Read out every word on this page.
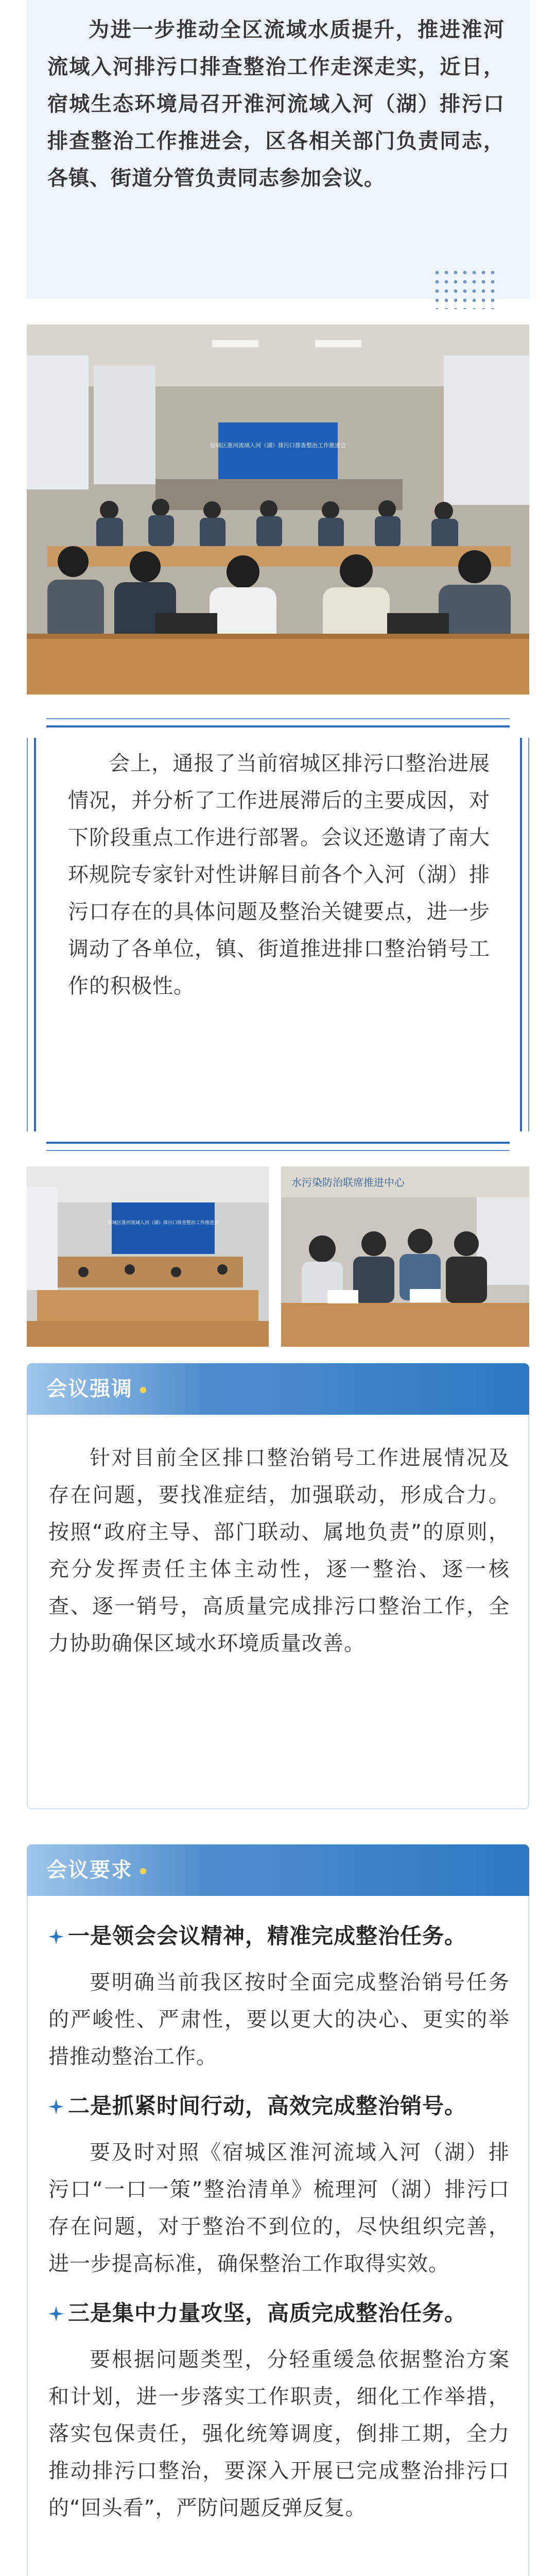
为进一步推动全区流域水质提升，推进淮河流域入河排污口排查整治工作走深走实，近日，宿城生态环境局召开淮河流域入河（湖）排污口排查整治工作推进会，区各相关部门负责同志，各镇、街道分管负责同志参加会议。

宿城区淮河流域入河（湖）排污口排查整治工作推进会

会上，通报了当前宿城区排污口整治进展情况，并分析了工作进展滞后的主要成因，对下阶段重点工作进行部署。会议还邀请了南大环规院专家针对性讲解目前各个入河（湖）排污口存在的具体问题及整治关键要点，进一步调动了各单位，镇、街道推进排口整治销号工作的积极性。

宿城区淮河流域入河（湖）排污口排查整治工作推进会
水污染防治联席推进中心
会议强调

针对目前全区排口整治销号工作进展情况及存在问题，要找准症结，加强联动，形成合力。按照“政府主导、部门联动、属地负责”的原则，充分发挥责任主体主动性，逐一整治、逐一核查、逐一销号，高质量完成排污口整治工作，全力协助确保区域水环境质量改善。

会议要求
一是领会会议精神，精准完成整治任务。

要明确当前我区按时全面完成整治销号任务的严峻性、严肃性，要以更大的决心、更实的举措推动整治工作。

二是抓紧时间行动，高效完成整治销号。

要及时对照《宿城区淮河流域入河（湖）排污口“一口一策”整治清单》梳理河（湖）排污口存在问题，对于整治不到位的，尽快组织完善，进一步提高标准，确保整治工作取得实效。

三是集中力量攻坚，高质完成整治任务。

要根据问题类型，分轻重缓急依据整治方案和计划，进一步落实工作职责，细化工作举措，落实包保责任，强化统筹调度，倒排工期，全力推动排污口整治，要深入开展已完成整治排污口的“回头看”，严防问题反弹反复。
